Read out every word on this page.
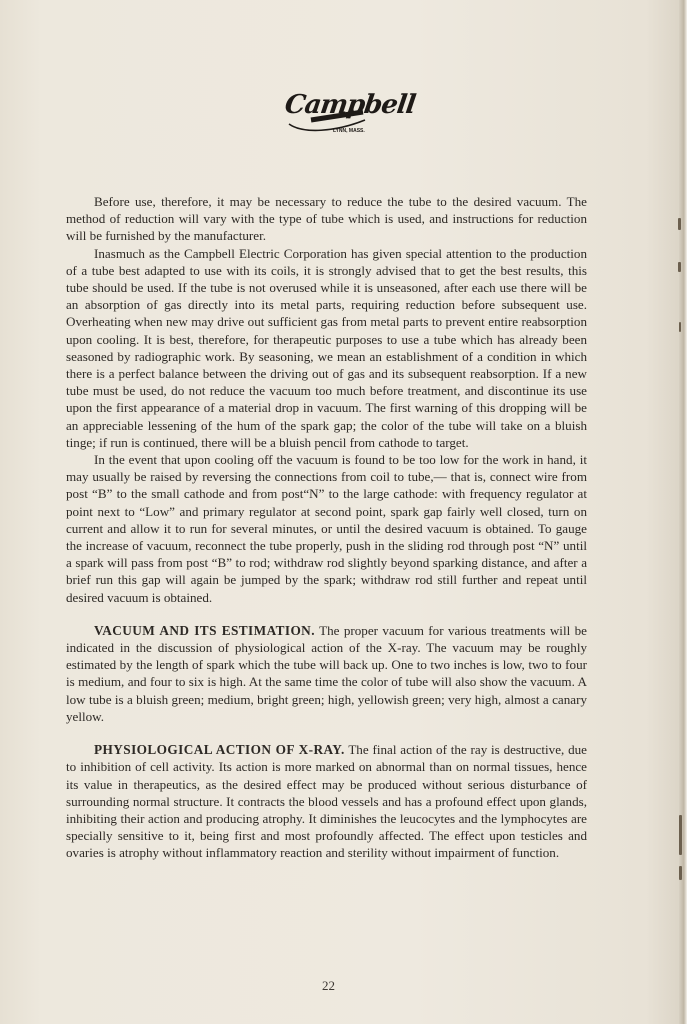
Campbell
ELECTRIC CO.
LYNN, MASS.

Before use, therefore, it may be necessary to reduce the tube to the desired vacuum. The method of reduction will vary with the type of tube which is used, and instructions for reduction will be furnished by the manufacturer.

Inasmuch as the Campbell Electric Corporation has given special attention to the production of a tube best adapted to use with its coils, it is strongly advised that to get the best results, this tube should be used. If the tube is not overused while it is unseasoned, after each use there will be an absorption of gas directly into its metal parts, requiring reduction before subsequent use. Overheating when new may drive out sufficient gas from metal parts to prevent entire reabsorption upon cooling. It is best, therefore, for therapeutic purposes to use a tube which has already been seasoned by radiographic work. By seasoning, we mean an establishment of a condition in which there is a perfect balance between the driving out of gas and its subsequent reabsorption. If a new tube must be used, do not reduce the vacuum too much before treatment, and discontinue its use upon the first appearance of a material drop in vacuum. The first warning of this dropping will be an appreciable lessening of the hum of the spark gap; the color of the tube will take on a bluish tinge; if run is continued, there will be a bluish pencil from cathode to target.

In the event that upon cooling off the vacuum is found to be too low for the work in hand, it may usually be raised by reversing the connections from coil to tube,— that is, connect wire from post “B” to the small cathode and from post“N” to the large cathode: with frequency regulator at point next to “Low” and primary regulator at second point, spark gap fairly well closed, turn on current and allow it to run for several minutes, or until the desired vacuum is obtained. To gauge the increase of vacuum, reconnect the tube properly, push in the sliding rod through post “N” until a spark will pass from post “B” to rod; withdraw rod slightly beyond sparking distance, and after a brief run this gap will again be jumped by the spark; withdraw rod still further and repeat until desired vacuum is obtained.

VACUUM AND ITS ESTIMATION. The proper vacuum for various treatments will be indicated in the discussion of physiological action of the X-ray. The vacuum may be roughly estimated by the length of spark which the tube will back up. One to two inches is low, two to four is medium, and four to six is high. At the same time the color of tube will also show the vacuum. A low tube is a bluish green; medium, bright green; high, yellowish green; very high, almost a canary yellow.

PHYSIOLOGICAL ACTION OF X-RAY. The final action of the ray is destructive, due to inhibition of cell activity. Its action is more marked on abnormal than on normal tissues, hence its value in therapeutics, as the desired effect may be produced without serious disturbance of surrounding normal structure. It contracts the blood vessels and has a profound effect upon glands, inhibiting their action and producing atrophy. It diminishes the leucocytes and the lymphocytes are specially sensitive to it, being first and most profoundly affected. The effect upon testicles and ovaries is atrophy without inflammatory reaction and sterility without impairment of function.

22
